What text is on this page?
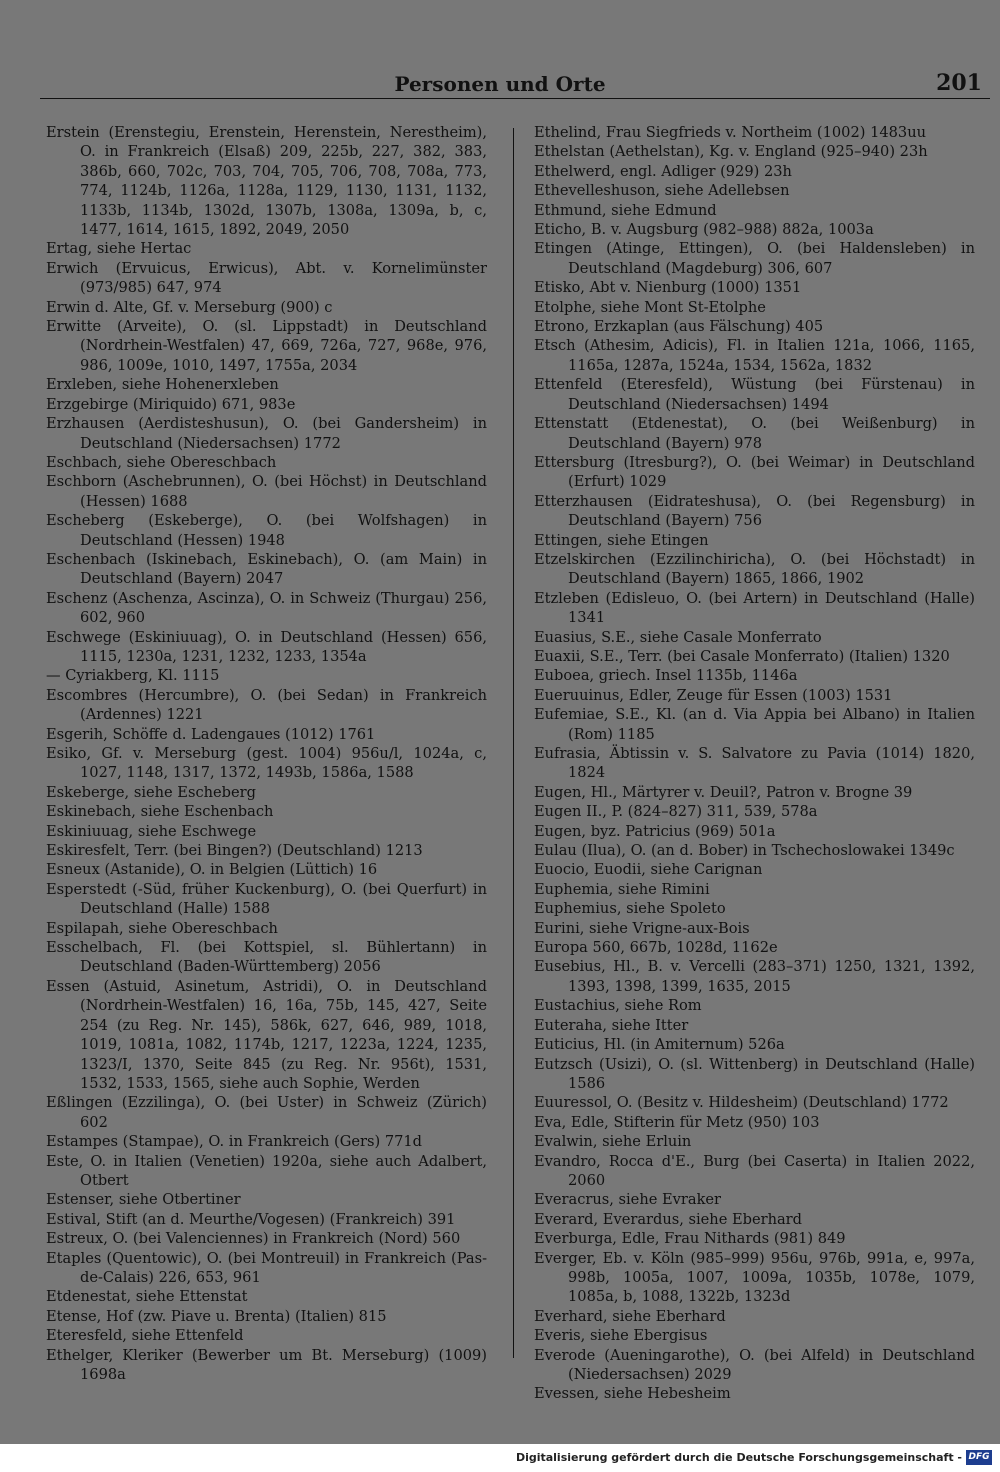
Personen und Orte	201
Erstein (Erenstegiu, Erenstein, Herenstein, Nerestheim), O. in Frankreich (Elsaß) 209, 225b, 227, 382, 383, 386b, 660, 702c, 703, 704, 705, 706, 708, 708a, 773, 774, 1124b, 1126a, 1128a, 1129, 1130, 1131, 1132, 1133b, 1134b, 1302d, 1307b, 1308a, 1309a, b, c, 1477, 1614, 1615, 1892, 2049, 2050
Ertag, siehe Hertac
Erwich (Ervuicus, Erwicus), Abt. v. Kornelimünster (973/985) 647, 974
Erwin d. Alte, Gf. v. Merseburg (900) c
Erwitte (Arveite), O. (sl. Lippstadt) in Deutschland (Nordrhein-Westfalen) 47, 669, 726a, 727, 968e, 976, 986, 1009e, 1010, 1497, 1755a, 2034
Erxleben, siehe Hohenerxleben
Erzgebirge (Miriquido) 671, 983e
Erzhausen (Aerdisteshusun), O. (bei Gandersheim) in Deutschland (Niedersachsen) 1772
Eschbach, siehe Obereschbach
Eschborn (Aschebrunnen), O. (bei Höchst) in Deutschland (Hessen) 1688
Escheberg (Eskeberge), O. (bei Wolfshagen) in Deutschland (Hessen) 1948
Eschenbach (Iskinebach, Eskinebach), O. (am Main) in Deutschland (Bayern) 2047
Eschenz (Aschenza, Ascinza), O. in Schweiz (Thurgau) 256, 602, 960
Eschwege (Eskiniuuag), O. in Deutschland (Hessen) 656, 1115, 1230a, 1231, 1232, 1233, 1354a
— Cyriakberg, Kl. 1115
Escombres (Hercumbre), O. (bei Sedan) in Frankreich (Ardennes) 1221
Esgerih, Schöffe d. Ladengaues (1012) 1761
Esiko, Gf. v. Merseburg (gest. 1004) 956u/l, 1024a, c, 1027, 1148, 1317, 1372, 1493b, 1586a, 1588
Eskeberge, siehe Escheberg
Eskinebach, siehe Eschenbach
Eskiniuuag, siehe Eschwege
Eskiresfelt, Terr. (bei Bingen?) (Deutschland) 1213
Esneux (Astanide), O. in Belgien (Lüttich) 16
Esperstedt (-Süd, früher Kuckenburg), O. (bei Querfurt) in Deutschland (Halle) 1588
Espilapah, siehe Obereschbach
Esschelbach, Fl. (bei Kottspiel, sl. Bühlertann) in Deutschland (Baden-Württemberg) 2056
Essen (Astuid, Asinetum, Astridi), O. in Deutschland (Nordrhein-Westfalen) 16, 16a, 75b, 145, 427, Seite 254 (zu Reg. Nr. 145), 586k, 627, 646, 989, 1018, 1019, 1081a, 1082, 1174b, 1217, 1223a, 1224, 1235, 1323/I, 1370, Seite 845 (zu Reg. Nr. 956t), 1531, 1532, 1533, 1565, siehe auch Sophie, Werden
Eßlingen (Ezzilinga), O. (bei Uster) in Schweiz (Zürich) 602
Estampes (Stampae), O. in Frankreich (Gers) 771d
Este, O. in Italien (Venetien) 1920a, siehe auch Adalbert, Otbert
Estenser, siehe Otbertiner
Estival, Stift (an d. Meurthe/Vogesen) (Frankreich) 391
Estreux, O. (bei Valenciennes) in Frankreich (Nord) 560
Etaples (Quentowic), O. (bei Montreuil) in Frankreich (Pas-de-Calais) 226, 653, 961
Etdenestat, siehe Ettenstat
Etense, Hof (zw. Piave u. Brenta) (Italien) 815
Eteresfeld, siehe Ettenfeld
Ethelger, Kleriker (Bewerber um Bt. Merseburg) (1009) 1698a
Ethelind, Frau Siegfrieds v. Northeim (1002) 1483uu
Ethelstan (Aethelstan), Kg. v. England (925–940) 23h
Ethelwerd, engl. Adliger (929) 23h
Ethevelleshuson, siehe Adellebsen
Ethmund, siehe Edmund
Eticho, B. v. Augsburg (982–988) 882a, 1003a
Etingen (Atinge, Ettingen), O. (bei Haldensleben) in Deutschland (Magdeburg) 306, 607
Etisko, Abt v. Nienburg (1000) 1351
Etolphe, siehe Mont St-Etolphe
Etrono, Erzkaplan (aus Fälschung) 405
Etsch (Athesim, Adicis), Fl. in Italien 121a, 1066, 1165, 1165a, 1287a, 1524a, 1534, 1562a, 1832
Ettenfeld (Eteresfeld), Wüstung (bei Fürstenau) in Deutschland (Niedersachsen) 1494
Ettenstatt (Etdenestat), O. (bei Weißenburg) in Deutschland (Bayern) 978
Ettersburg (Itresburg?), O. (bei Weimar) in Deutschland (Erfurt) 1029
Etterzhausen (Eidrateshusa), O. (bei Regensburg) in Deutschland (Bayern) 756
Ettingen, siehe Etingen
Etzelskirchen (Ezzilinchiricha), O. (bei Höchstadt) in Deutschland (Bayern) 1865, 1866, 1902
Etzleben (Edisleuo, O. (bei Artern) in Deutschland (Halle) 1341
Euasius, S.E., siehe Casale Monferrato
Euaxii, S.E., Terr. (bei Casale Monferrato) (Italien) 1320
Euboea, griech. Insel 1135b, 1146a
Eueruuinus, Edler, Zeuge für Essen (1003) 1531
Eufemiae, S.E., Kl. (an d. Via Appia bei Albano) in Italien (Rom) 1185
Eufrasia, Äbtissin v. S. Salvatore zu Pavia (1014) 1820, 1824
Eugen, Hl., Märtyrer v. Deuil?, Patron v. Brogne 39
Eugen II., P. (824–827) 311, 539, 578a
Eugen, byz. Patricius (969) 501a
Eulau (Ilua), O. (an d. Bober) in Tschechoslowakei 1349c
Euocio, Euodii, siehe Carignan
Euphemia, siehe Rimini
Euphemius, siehe Spoleto
Eurini, siehe Vrigne-aux-Bois
Europa 560, 667b, 1028d, 1162e
Eusebius, Hl., B. v. Vercelli (283–371) 1250, 1321, 1392, 1393, 1398, 1399, 1635, 2015
Eustachius, siehe Rom
Euteraha, siehe Itter
Euticius, Hl. (in Amiternum) 526a
Eutzsch (Usizi), O. (sl. Wittenberg) in Deutschland (Halle) 1586
Euuressol, O. (Besitz v. Hildesheim) (Deutschland) 1772
Eva, Edle, Stifterin für Metz (950) 103
Evalwin, siehe Erluin
Evandro, Rocca d'E., Burg (bei Caserta) in Italien 2022, 2060
Everacrus, siehe Evraker
Everard, Everardus, siehe Eberhard
Everburga, Edle, Frau Nithards (981) 849
Everger, Eb. v. Köln (985–999) 956u, 976b, 991a, e, 997a, 998b, 1005a, 1007, 1009a, 1035b, 1078e, 1079, 1085a, b, 1088, 1322b, 1323d
Everhard, siehe Eberhard
Everis, siehe Ebergisus
Everode (Aueningarothe), O. (bei Alfeld) in Deutschland (Niedersachsen) 2029
Evessen, siehe Hebesheim
Digitalisierung gefördert durch die Deutsche Forschungsgemeinschaft - DFG
